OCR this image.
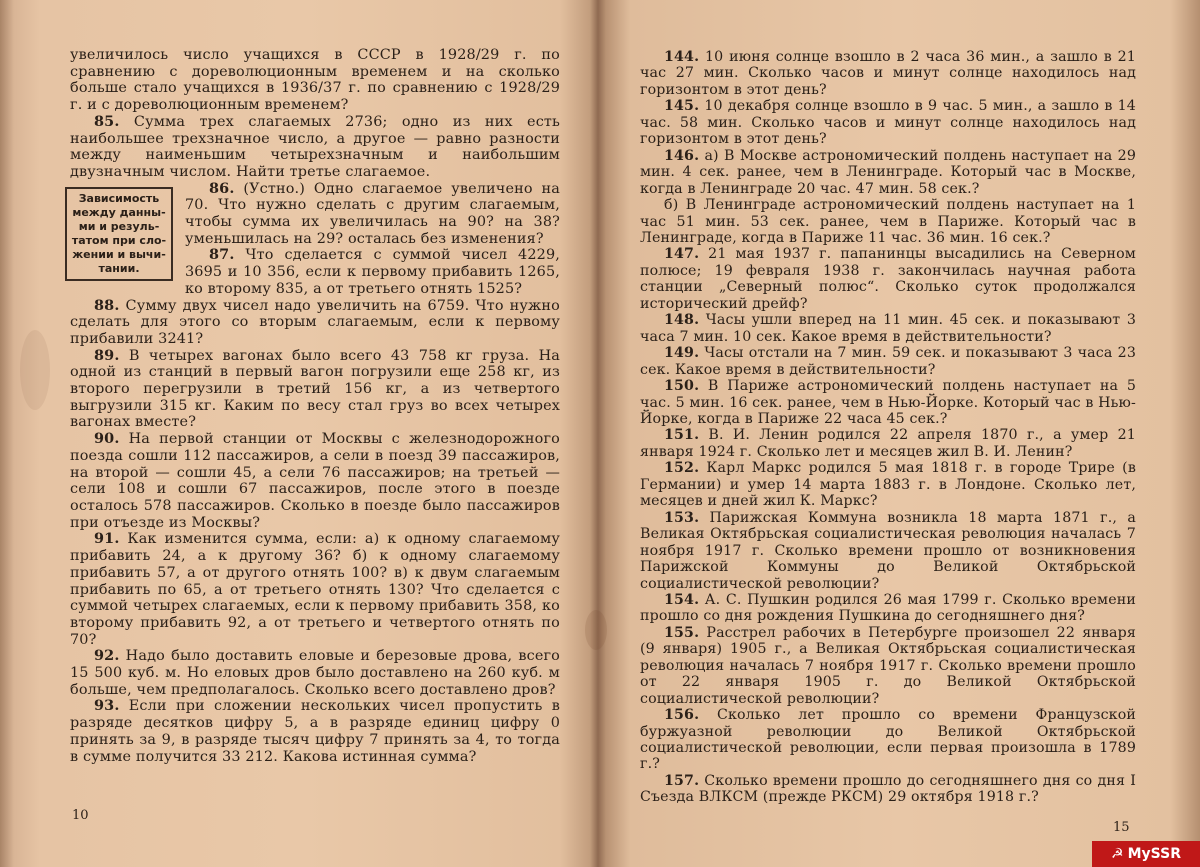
увеличилось число учащихся в СССР в 1928/29 г. по сравнению с дореволюционным временем и на сколько больше стало учащихся в 1936/37 г. по сравнению с 1928/29 г. и с дореволюционным временем?

85. Сумма трех слагаемых 2736; одно из них есть наибольшее трехзначное число, а другое — равно разности между наименьшим четырехзначным и наибольшим двузначным числом. Найти третье слагаемое.

Зависимость
между данны-
ми и резуль-
татом при сло-
жении и вычи-
тании.

86. (Устно.) Одно слагаемое увеличено на 70. Что нужно сделать с другим слагаемым, чтобы сумма их увеличилась на 90? на 38? уменьшилась на 29? осталась без изменения?

87. Что сделается с суммой чисел 4229, 3695 и 10 356, если к первому прибавить 1265, ко второму 835, а от третьего отнять 1525?

88. Сумму двух чисел надо увеличить на 6759. Что нужно сделать для этого со вторым слагаемым, если к первому прибавили 3241?

89. В четырех вагонах было всего 43 758 кг груза. На одной из станций в первый вагон погрузили еще 258 кг, из второго перегрузили в третий 156 кг, а из четвертого выгрузили 315 кг. Каким по весу стал груз во всех четырех вагонах вместе?

90. На первой станции от Москвы с железнодорожного поезда сошли 112 пассажиров, а сели в поезд 39 пассажиров, на второй — сошли 45, а сели 76 пассажиров; на третьей — сели 108 и сошли 67 пассажиров, после этого в поезде осталось 578 пассажиров. Сколько в поезде было пассажиров при отъезде из Москвы?

91. Как изменится сумма, если: а) к одному слагаемому прибавить 24, а к другому 36? б) к одному слагаемому прибавить 57, а от другого отнять 100? в) к двум слагаемым прибавить по 65, а от третьего отнять 130? Что сделается с суммой четырех слагаемых, если к первому прибавить 358, ко второму прибавить 92, а от третьего и четвертого отнять по 70?

92. Надо было доставить еловые и березовые дрова, всего 15 500 куб. м. Но еловых дров было доставлено на 260 куб. м больше, чем предполагалось. Сколько всего доставлено дров?

93. Если при сложении нескольких чисел пропустить в разряде десятков цифру 5, а в разряде единиц цифру 0 принять за 9, в разряде тысяч цифру 7 принять за 4, то тогда в сумме получится 33 212. Какова истинная сумма?

10

144. 10 июня солнце взошло в 2 часа 36 мин., а зашло в 21 час 27 мин. Сколько часов и минут солнце находилось над горизонтом в этот день?

145. 10 декабря солнце взошло в 9 час. 5 мин., а зашло в 14 час. 58 мин. Сколько часов и минут солнце находилось над горизонтом в этот день?

146. а) В Москве астрономический полдень наступает на 29 мин. 4 сек. ранее, чем в Ленинграде. Который час в Москве, когда в Ленинграде 20 час. 47 мин. 58 сек.?

б) В Ленинграде астрономический полдень наступает на 1 час 51 мин. 53 сек. ранее, чем в Париже. Который час в Ленинграде, когда в Париже 11 час. 36 мин. 16 сек.?

147. 21 мая 1937 г. папанинцы высадились на Северном полюсе; 19 февраля 1938 г. закончилась научная работа станции „Северный полюс“. Сколько суток продолжался исторический дрейф?

148. Часы ушли вперед на 11 мин. 45 сек. и показывают 3 часа 7 мин. 10 сек. Какое время в действительности?

149. Часы отстали на 7 мин. 59 сек. и показывают 3 часа 23 сек. Какое время в действительности?

150. В Париже астрономический полдень наступает на 5 час. 5 мин. 16 сек. ранее, чем в Нью-Йорке. Который час в Нью-Йорке, когда в Париже 22 часа 45 сек.?

151. В. И. Ленин родился 22 апреля 1870 г., а умер 21 января 1924 г. Сколько лет и месяцев жил В. И. Ленин?

152. Карл Маркс родился 5 мая 1818 г. в городе Трире (в Германии) и умер 14 марта 1883 г. в Лондоне. Сколько лет, месяцев и дней жил К. Маркс?

153. Парижская Коммуна возникла 18 марта 1871 г., а Великая Октябрьская социалистическая революция началась 7 ноября 1917 г. Сколько времени прошло от возникновения Парижской Коммуны до Великой Октябрьской социалистической революции?

154. А. С. Пушкин родился 26 мая 1799 г. Сколько времени прошло со дня рождения Пушкина до сегодняшнего дня?

155. Расстрел рабочих в Петербурге произошел 22 января (9 января) 1905 г., а Великая Октябрьская социалистическая революция началась 7 ноября 1917 г. Сколько времени прошло от 22 января 1905 г. до Великой Октябрьской социалистической революции?

156. Сколько лет прошло со времени Французской буржуазной революции до Великой Октябрьской социалистической революции, если первая произошла в 1789 г.?

157. Сколько времени прошло до сегодняшнего дня со дня I Съезда ВЛКСМ (прежде РКСМ) 29 октября 1918 г.?

15
☭ MySSR
